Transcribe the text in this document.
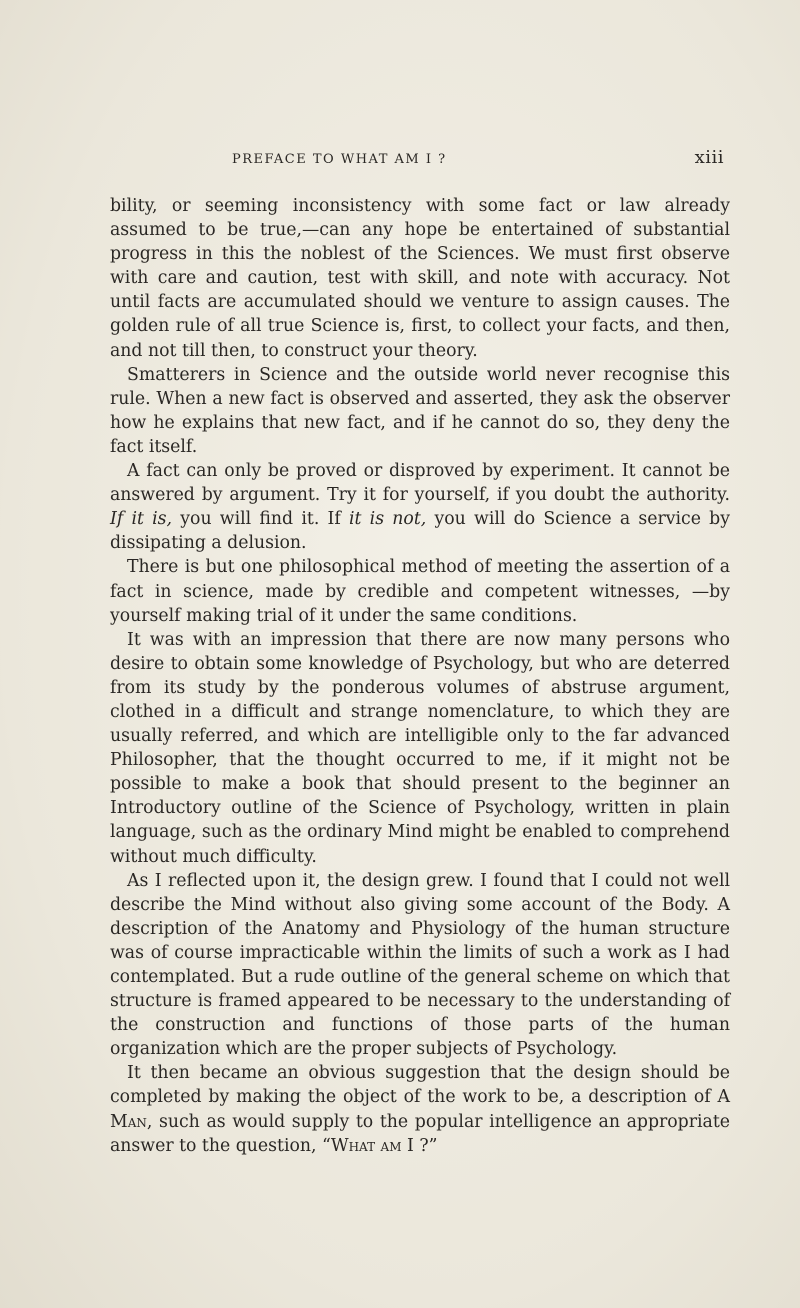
preface to what am i ?	xiii

bility, or seeming inconsistency with some fact or law already assumed to be true,—can any hope be entertained of substantial progress in this the noblest of the Sciences. We must first observe with care and caution, test with skill, and note with accuracy. Not until facts are accumulated should we venture to assign causes. The golden rule of all true Science is, first, to collect your facts, and then, and not till then, to construct your theory.

Smatterers in Science and the outside world never recognise this rule. When a new fact is observed and asserted, they ask the observer how he explains that new fact, and if he cannot do so, they deny the fact itself.

A fact can only be proved or disproved by experiment. It cannot be answered by argument. Try it for yourself, if you doubt the authority. If it is, you will find it. If it is not, you will do Science a service by dissipating a delusion.

There is but one philosophical method of meeting the assertion of a fact in science, made by credible and competent witnesses, —by yourself making trial of it under the same conditions.

It was with an impression that there are now many persons who desire to obtain some knowledge of Psychology, but who are deterred from its study by the ponderous volumes of abstruse argument, clothed in a difficult and strange nomenclature, to which they are usually referred, and which are intelligible only to the far advanced Philosopher, that the thought occurred to me, if it might not be possible to make a book that should present to the beginner an Introductory outline of the Science of Psychology, written in plain language, such as the ordinary Mind might be enabled to comprehend without much difficulty.

As I reflected upon it, the design grew. I found that I could not well describe the Mind without also giving some account of the Body. A description of the Anatomy and Physiology of the human structure was of course impracticable within the limits of such a work as I had contemplated. But a rude outline of the general scheme on which that structure is framed appeared to be necessary to the understanding of the construction and functions of those parts of the human organization which are the proper subjects of Psychology.

It then became an obvious suggestion that the design should be completed by making the object of the work to be, a description of A Man, such as would supply to the popular intelligence an appropriate answer to the question, “What am I ?”
